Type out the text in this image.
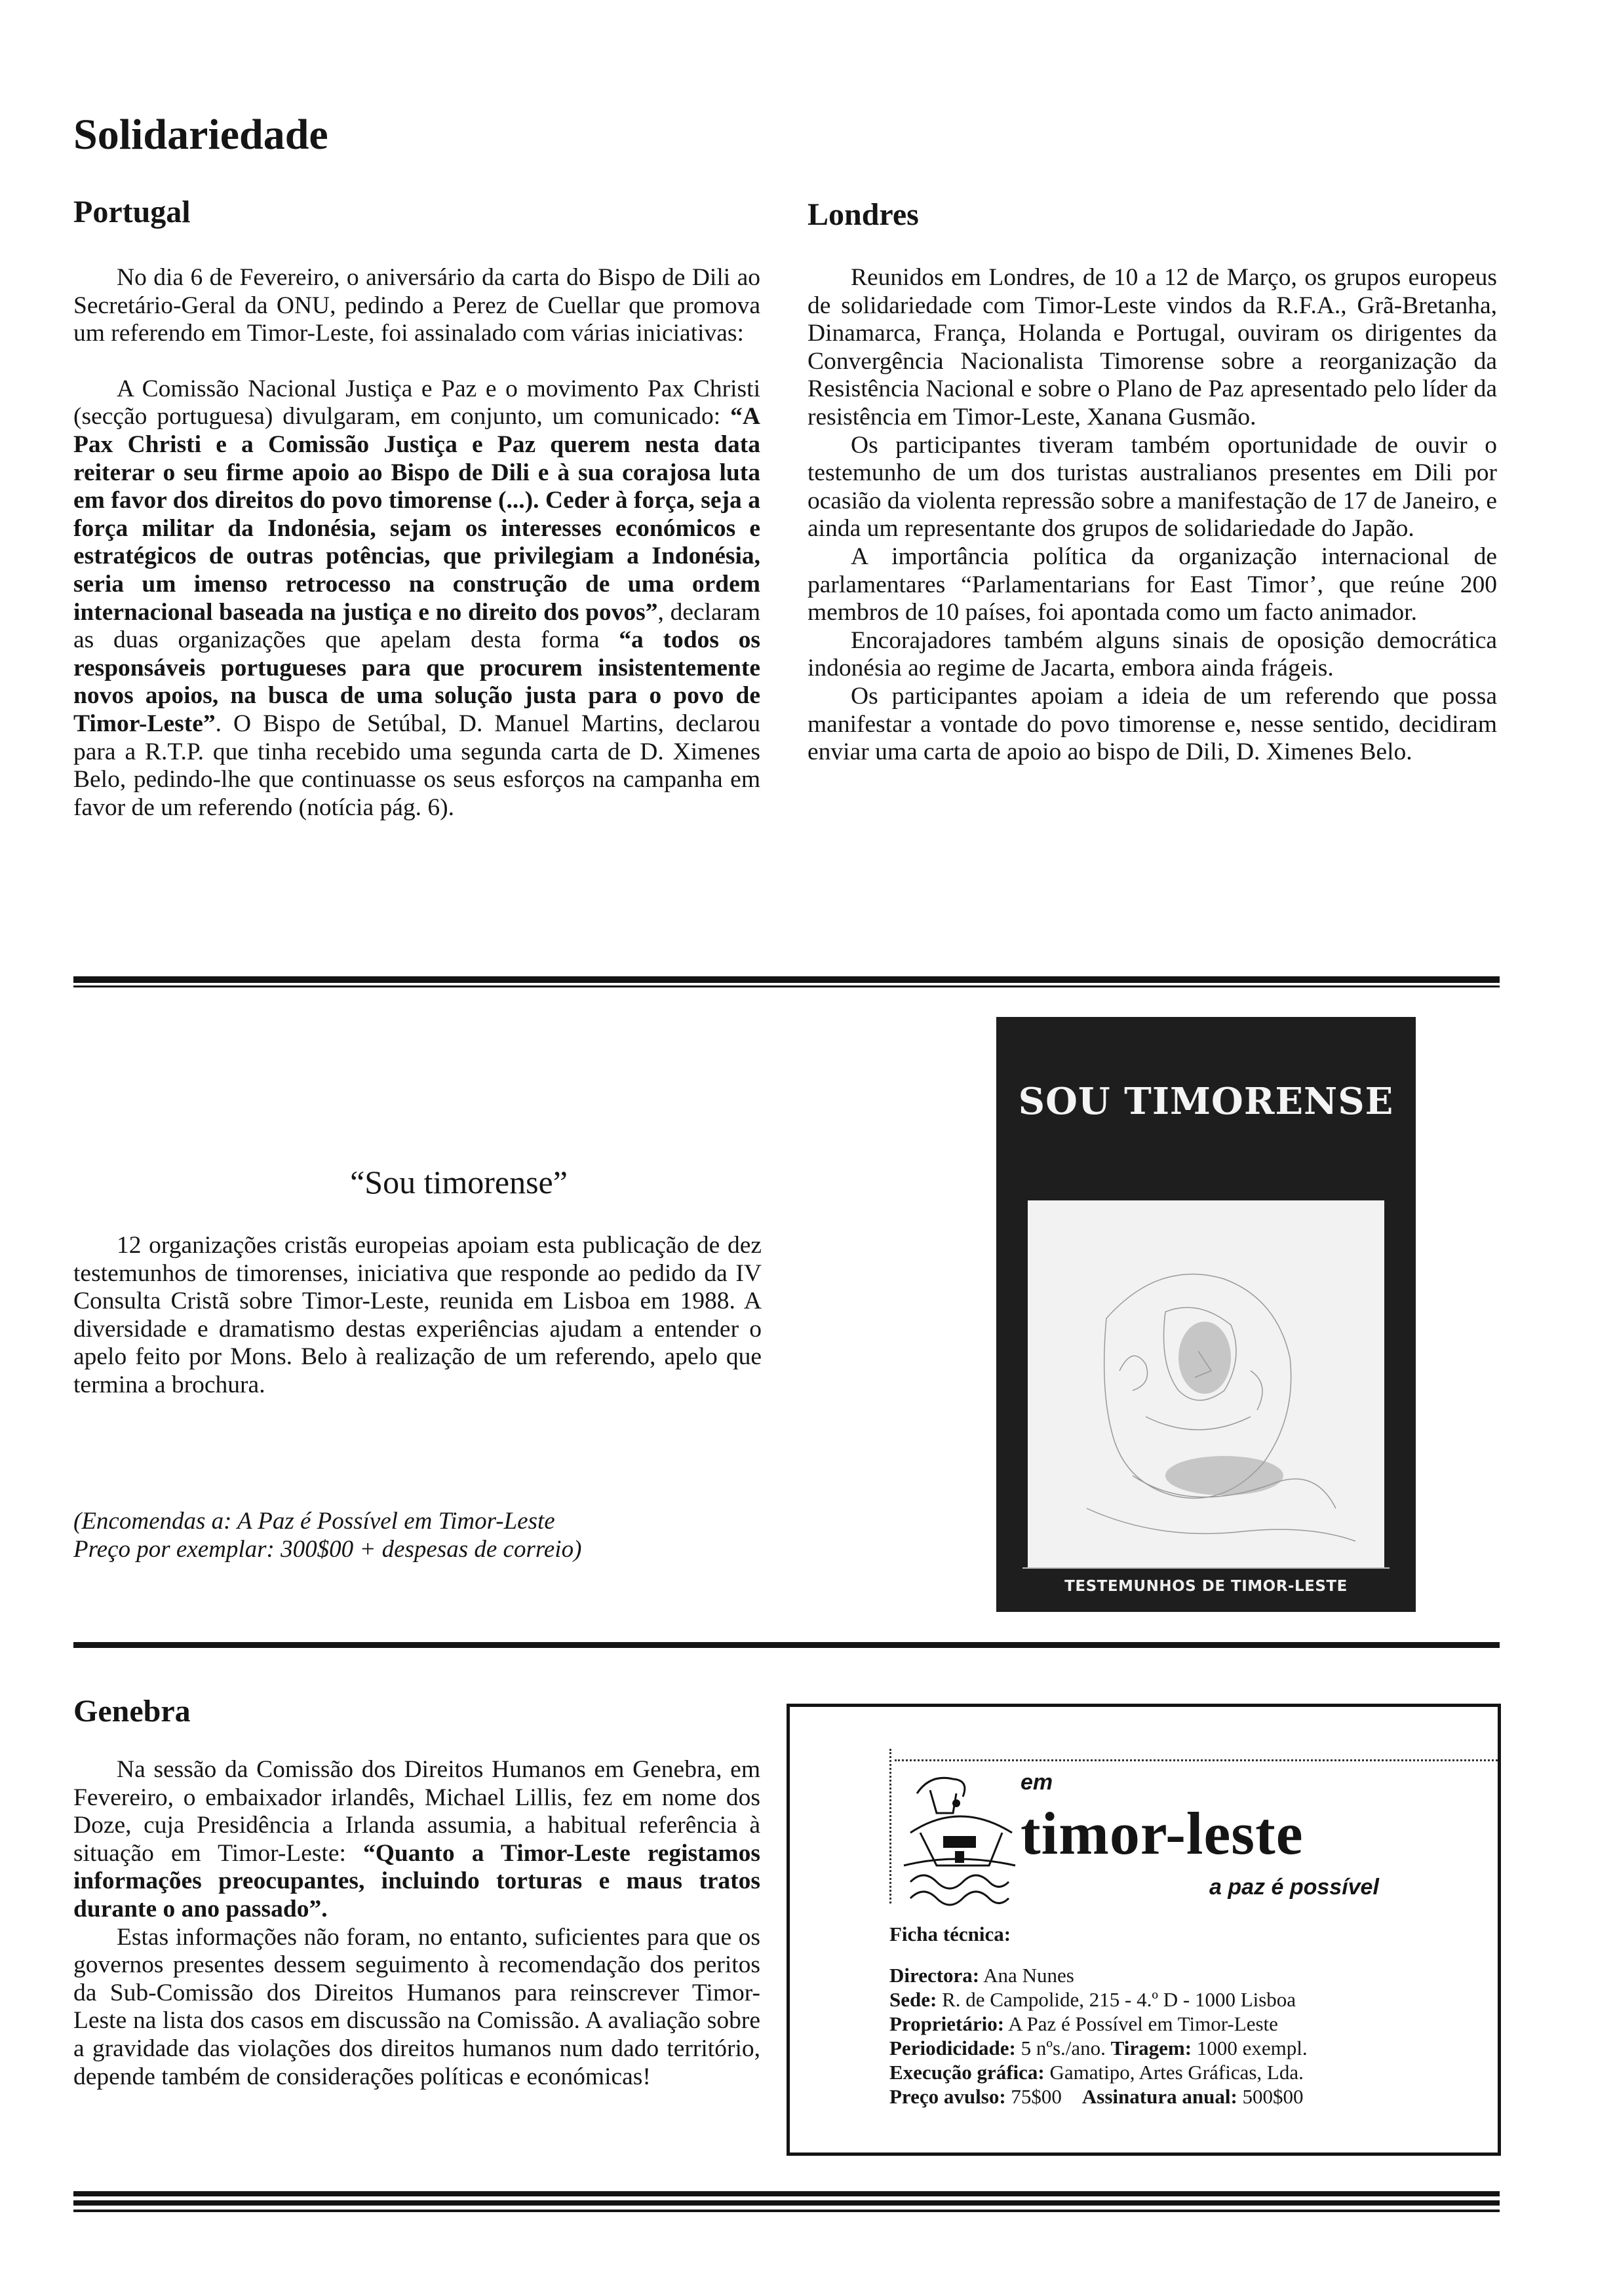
Solidariedade
Portugal

No dia 6 de Fevereiro, o aniversário da carta do Bispo de Dili ao Secretário-Geral da ONU, pedindo a Perez de Cuellar que promova um referendo em Timor-Leste, foi assinalado com várias iniciativas:

A Comissão Nacional Justiça e Paz e o movimento Pax Christi (secção portuguesa) divulgaram, em conjunto, um comunicado: “A Pax Christi e a Comissão Justiça e Paz querem nesta data reiterar o seu firme apoio ao Bispo de Dili e à sua corajosa luta em favor dos direitos do povo timorense (...). Ceder à força, seja a força militar da Indonésia, sejam os interesses económicos e estratégicos de outras potências, que privilegiam a Indonésia, seria um imenso retrocesso na construção de uma ordem internacional baseada na justiça e no direito dos povos”, declaram as duas organizações que apelam desta forma “a todos os responsáveis portugueses para que procurem insistentemente novos apoios, na busca de uma solução justa para o povo de Timor-Leste”. O Bispo de Setúbal, D. Manuel Martins, declarou para a R.T.P. que tinha recebido uma segunda carta de D. Ximenes Belo, pedindo-lhe que continuasse os seus esforços na campanha em favor de um referendo (notícia pág. 6).

Londres

Reunidos em Londres, de 10 a 12 de Março, os grupos europeus de solidariedade com Timor-Leste vindos da R.F.A., Grã-Bretanha, Dinamarca, França, Holanda e Portugal, ouviram os dirigentes da Convergência Nacionalista Timorense sobre a reorganização da Resistência Nacional e sobre o Plano de Paz apresentado pelo líder da resistência em Timor-Leste, Xanana Gusmão.

Os participantes tiveram também oportunidade de ouvir o testemunho de um dos turistas australianos presentes em Dili por ocasião da violenta repressão sobre a manifestação de 17 de Janeiro, e ainda um representante dos grupos de solidariedade do Japão.

A importância política da organização internacional de parlamentares “Parlamentarians for East Timor’, que reúne 200 membros de 10 países, foi apontada como um facto animador.

Encorajadores também alguns sinais de oposição democrática indonésia ao regime de Jacarta, embora ainda frágeis.

Os participantes apoiam a ideia de um referendo que possa manifestar a vontade do povo timorense e, nesse sentido, decidiram enviar uma carta de apoio ao bispo de Dili, D. Ximenes Belo.

“Sou timorense”

12 organizações cristãs europeias apoiam esta publicação de dez testemunhos de timorenses, iniciativa que responde ao pedido da IV Consulta Cristã sobre Timor-Leste, reunida em Lisboa em 1988. A diversidade e dramatismo destas experiências ajudam a entender o apelo feito por Mons. Belo à realização de um referendo, apelo que termina a brochura.

(Encomendas a: A Paz é Possível em Timor-Leste
Preço por exemplar: 300$00 + despesas de correio)
SOU TIMORENSE
TESTEMUNHOS DE TIMOR-LESTE
Genebra

Na sessão da Comissão dos Direitos Humanos em Genebra, em Fevereiro, o embaixador irlandês, Michael Lillis, fez em nome dos Doze, cuja Presidência a Irlanda assumia, a habitual referência à situação em Timor-Leste: “Quanto a Timor-Leste registamos informações preocupantes, incluindo torturas e maus tratos durante o ano passado”.

Estas informações não foram, no entanto, suficientes para que os governos presentes dessem seguimento à recomendação dos peritos da Sub-Comissão dos Direitos Humanos para reinscrever Timor-Leste na lista dos casos em discussão na Comissão. A avaliação sobre a gravidade das violações dos direitos humanos num dado território, depende também de considerações políticas e económicas!

em
timor-leste
a paz é possível
Ficha técnica:
Directora: Ana Nunes
Sede: R. de Campolide, 215 - 4.º D - 1000 Lisboa
Proprietário: A Paz é Possível em Timor-Leste
Periodicidade: 5 nºs./ano. Tiragem: 1000 exempl.
Execução gráfica: Gamatipo, Artes Gráficas, Lda.
Preço avulso: 75$00 Assinatura anual: 500$00
